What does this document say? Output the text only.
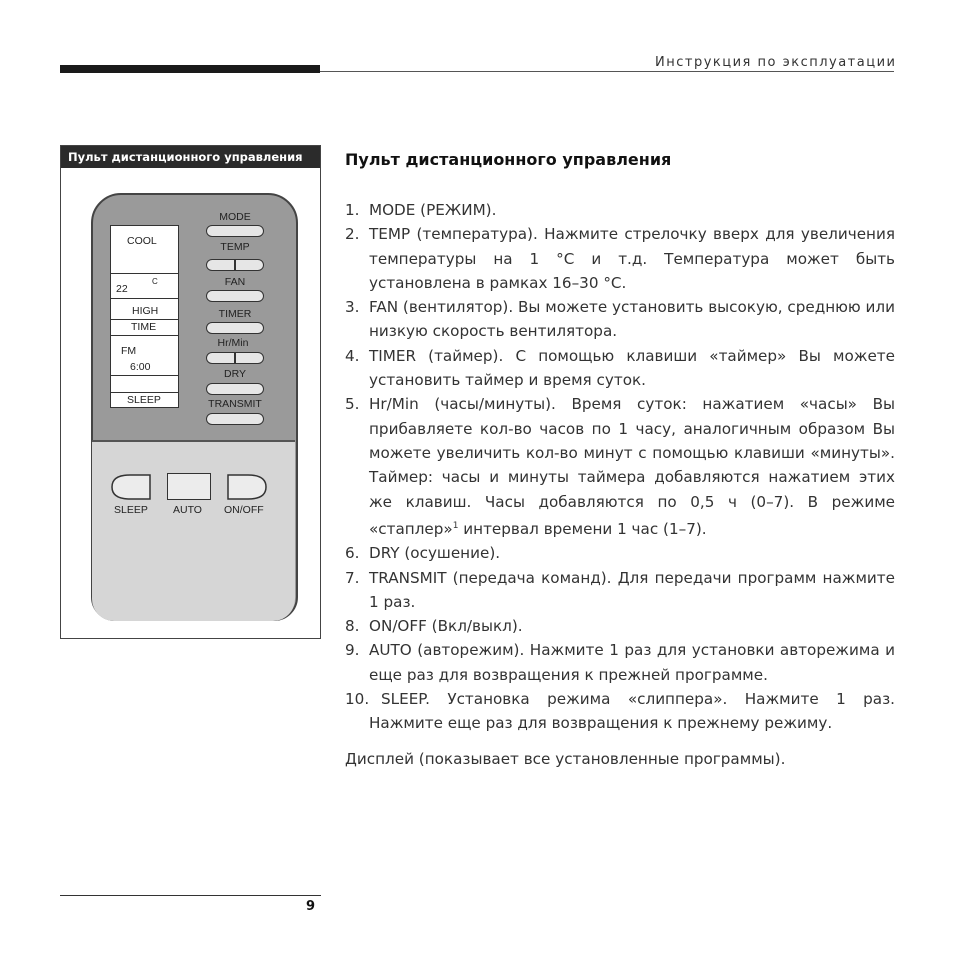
Инструкция по эксплуатации
Пульт дистанционного управления
COOL
C
22
HIGH
TIME
FM
6:00
SLEEP
MODE
TEMP
FAN
TIMER
Hr/Min
DRY
TRANSMIT
SLEEP AUTO ON/OFF
Пульт дистанционного управления
1. MODE (РЕЖИМ).
2. TEMP (температура). Нажмите стрелочку вверх для увеличения температуры на 1 °С и т.д. Температура может быть установлена в рамках 16–30 °С.
3. FAN (вентилятор). Вы можете установить высокую, среднюю или низкую скорость вентилятора.
4. TIMER (таймер). С помощью клавиши «таймер» Вы можете установить таймер и время суток.
5. Hr/Min (часы/минуты). Время суток: нажатием «часы» Вы прибавляете кол-во часов по 1 часу, аналогичным образом Вы можете увеличить кол-во минут с помощью клавиши «минуты». Таймер: часы и минуты таймера добавляются нажатием этих же клавиш. Часы добавляются по 0,5 ч (0–7). В режиме «стаплер»$^1$ интервал времени 1 час (1–7).
6. DRY (осушение).
7. TRANSMIT (передача команд). Для передачи программ нажмите 1 раз.
8. ON/OFF (Вкл/выкл).
9. AUTO (авторежим). Нажмите 1 раз для установки авторежима и еще раз для возвращения к прежней программе.
10. SLEEP. Установка режима «слиппера». Нажмите 1 раз. Нажмите еще раз для возвращения к прежнему режиму.
Дисплей (показывает все установленные программы).
9
